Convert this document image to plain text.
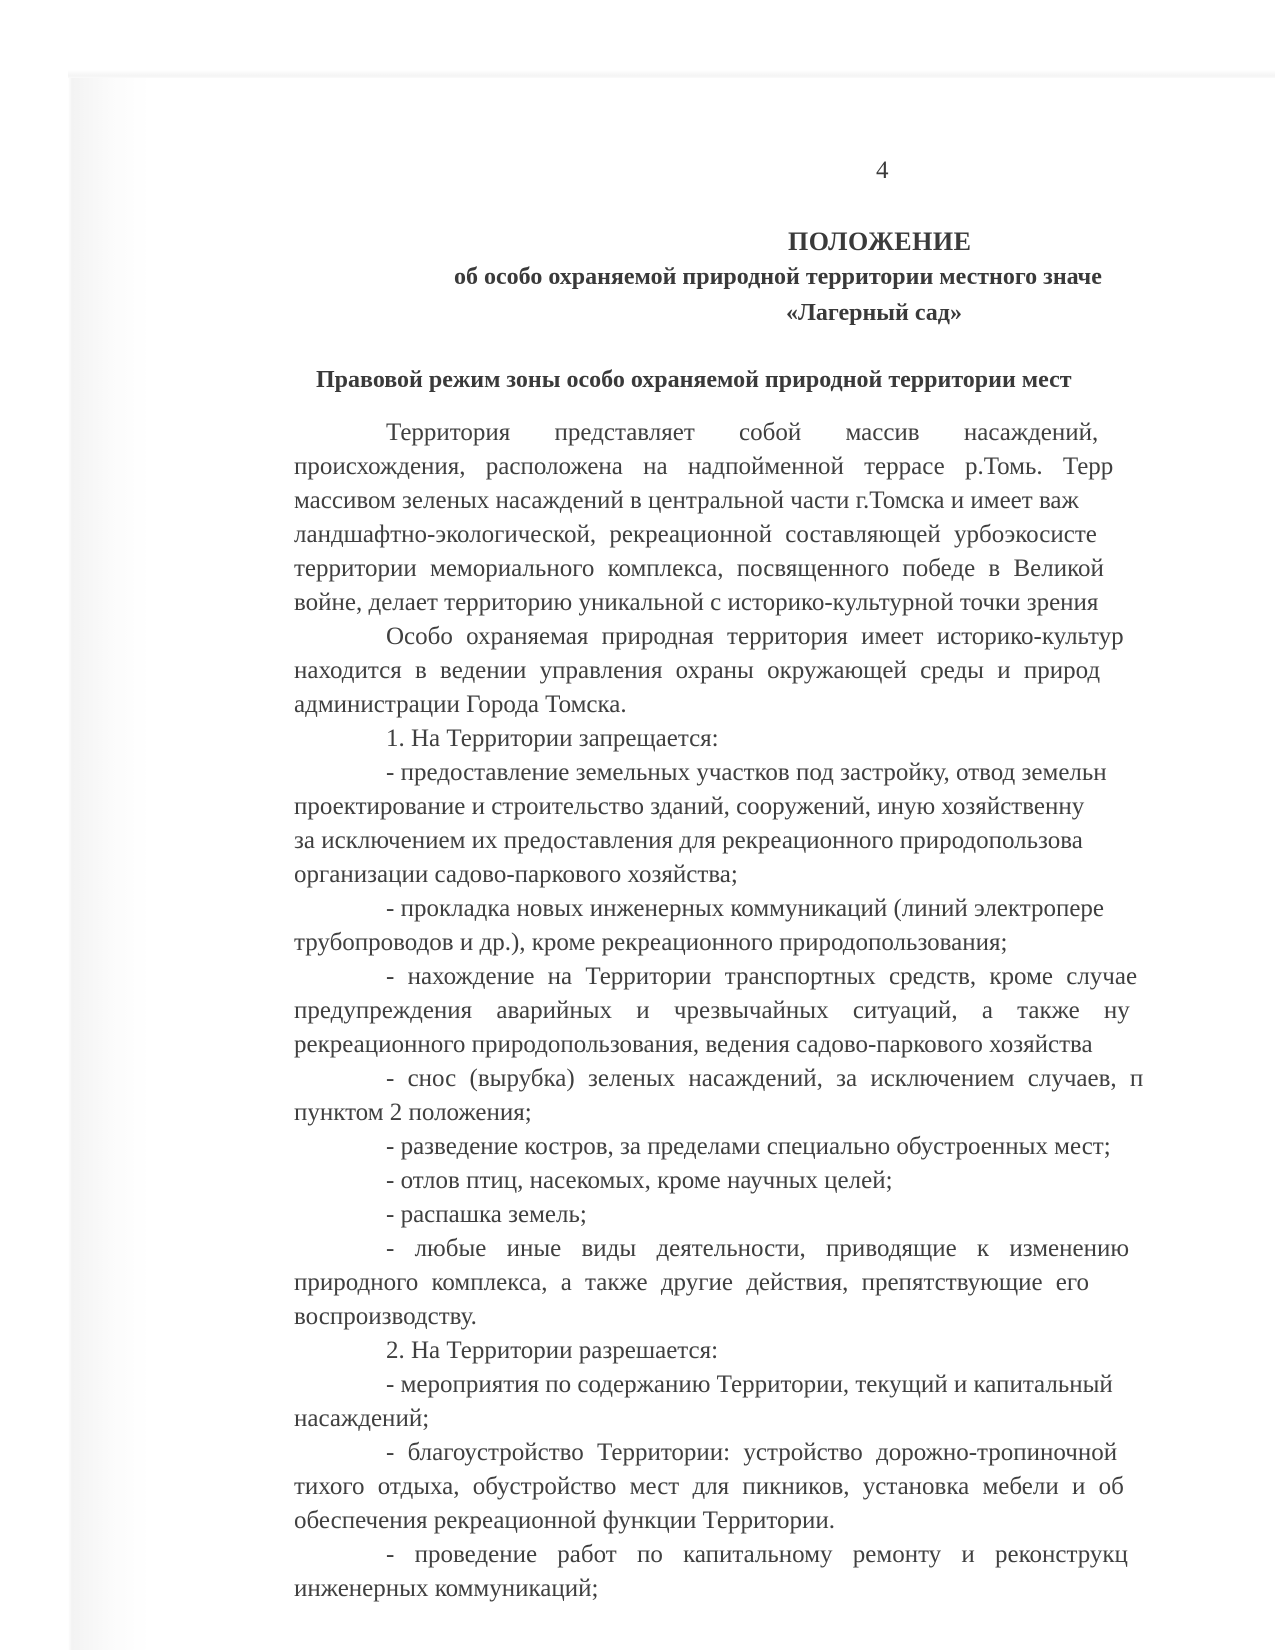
4
ПОЛОЖЕНИЕ
об особо охраняемой природной территории местного значе
«Лагерный сад»
Правовой режим зоны особо охраняемой природной территории мест
Территория представляет собой массив насаждений,
происхождения, расположена на надпойменной террасе р.Томь. Терр
массивом зеленых насаждений в центральной части г.Томска и имеет важ
ландшафтно-экологической, рекреационной составляющей урбоэкосисте
территории мемориального комплекса, посвященного победе в Великой
войне, делает территорию уникальной с историко-культурной точки зрения
Особо охраняемая природная территория имеет историко-культур
находится в ведении управления охраны окружающей среды и природ
администрации Города Томска.
1. На Территории запрещается:
- предоставление земельных участков под застройку, отвод земельн
проектирование и строительство зданий, сооружений, иную хозяйственну
за исключением их предоставления для рекреационного природопользова
организации садово-паркового хозяйства;
- прокладка новых инженерных коммуникаций (линий электропере
трубопроводов и др.), кроме рекреационного природопользования;
- нахождение на Территории транспортных средств, кроме случае
предупреждения аварийных и чрезвычайных ситуаций, а также ну
рекреационного природопользования, ведения садово-паркового хозяйства
- снос (вырубка) зеленых насаждений, за исключением случаев, п
пунктом 2 положения;
- разведение костров, за пределами специально обустроенных мест;
- отлов птиц, насекомых, кроме научных целей;
- распашка земель;
- любые иные виды деятельности, приводящие к изменению
природного комплекса, а также другие действия, препятствующие его
воспроизводству.
2. На Территории разрешается:
- мероприятия по содержанию Территории, текущий и капитальный
насаждений;
- благоустройство Территории: устройство дорожно-тропиночной
тихого отдыха, обустройство мест для пикников, установка мебели и об
обеспечения рекреационной функции Территории.
- проведение работ по капитальному ремонту и реконструкц
инженерных коммуникаций;
